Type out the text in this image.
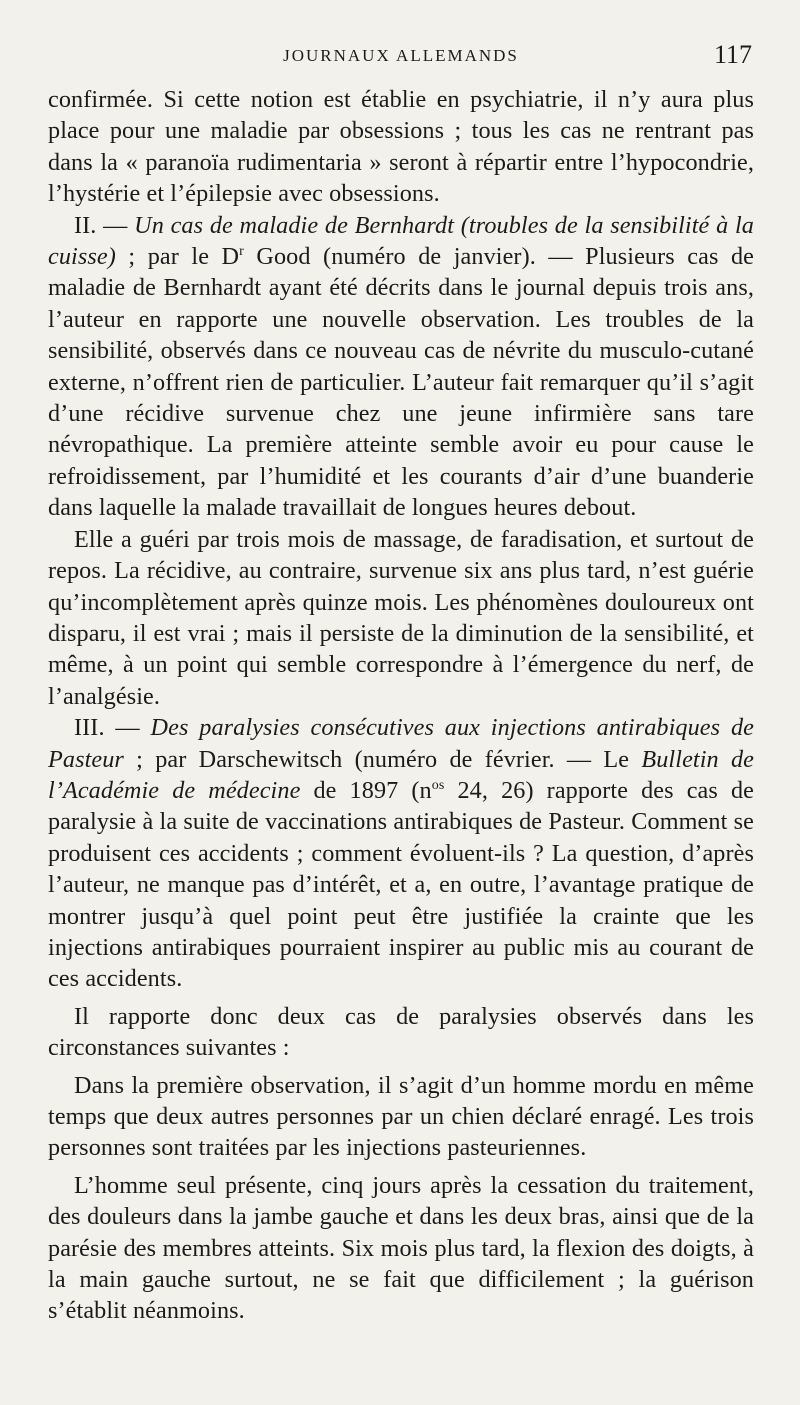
JOURNAUX ALLEMANDS	117

confirmée. Si cette notion est établie en psychiatrie, il n’y aura plus place pour une maladie par obsessions ; tous les cas ne rentrant pas dans la « paranoïa rudimentaria » seront à répartir entre l’hypocondrie, l’hystérie et l’épilepsie avec obsessions.

II. — Un cas de maladie de Bernhardt (troubles de la sensibilité à la cuisse) ; par le $D^r$ Good (numéro de janvier). — Plusieurs cas de maladie de Bernhardt ayant été décrits dans le journal depuis trois ans, l’auteur en rapporte une nouvelle observation. Les troubles de la sensibilité, observés dans ce nouveau cas de névrite du musculo-cutané externe, n’offrent rien de particulier. L’auteur fait remarquer qu’il s’agit d’une récidive survenue chez une jeune infirmière sans tare névropathique. La première atteinte semble avoir eu pour cause le refroidissement, par l’humidité et les courants d’air d’une buanderie dans laquelle la malade travaillait de longues heures debout.

Elle a guéri par trois mois de massage, de faradisation, et surtout de repos. La récidive, au contraire, survenue six ans plus tard, n’est guérie qu’incomplètement après quinze mois. Les phénomènes douloureux ont disparu, il est vrai ; mais il persiste de la diminution de la sensibilité, et même, à un point qui semble correspondre à l’émergence du nerf, de l’analgésie.

III. — Des paralysies consécutives aux injections antirabiques de Pasteur ; par Darschewitsch (numéro de février. — Le Bulletin de l’Académie de médecine de 1897 ($n^{os}$ 24, 26) rapporte des cas de paralysie à la suite de vaccinations antirabiques de Pasteur. Comment se produisent ces accidents ; comment évoluent-ils ? La question, d’après l’auteur, ne manque pas d’intérêt, et a, en outre, l’avantage pratique de montrer jusqu’à quel point peut être justifiée la crainte que les injections antirabiques pourraient inspirer au public mis au courant de ces accidents.

Il rapporte donc deux cas de paralysies observés dans les circonstances suivantes :

Dans la première observation, il s’agit d’un homme mordu en même temps que deux autres personnes par un chien déclaré enragé. Les trois personnes sont traitées par les injections pasteuriennes.

L’homme seul présente, cinq jours après la cessation du traitement, des douleurs dans la jambe gauche et dans les deux bras, ainsi que de la parésie des membres atteints. Six mois plus tard, la flexion des doigts, à la main gauche surtout, ne se fait que difficilement ; la guérison s’établit néanmoins.
